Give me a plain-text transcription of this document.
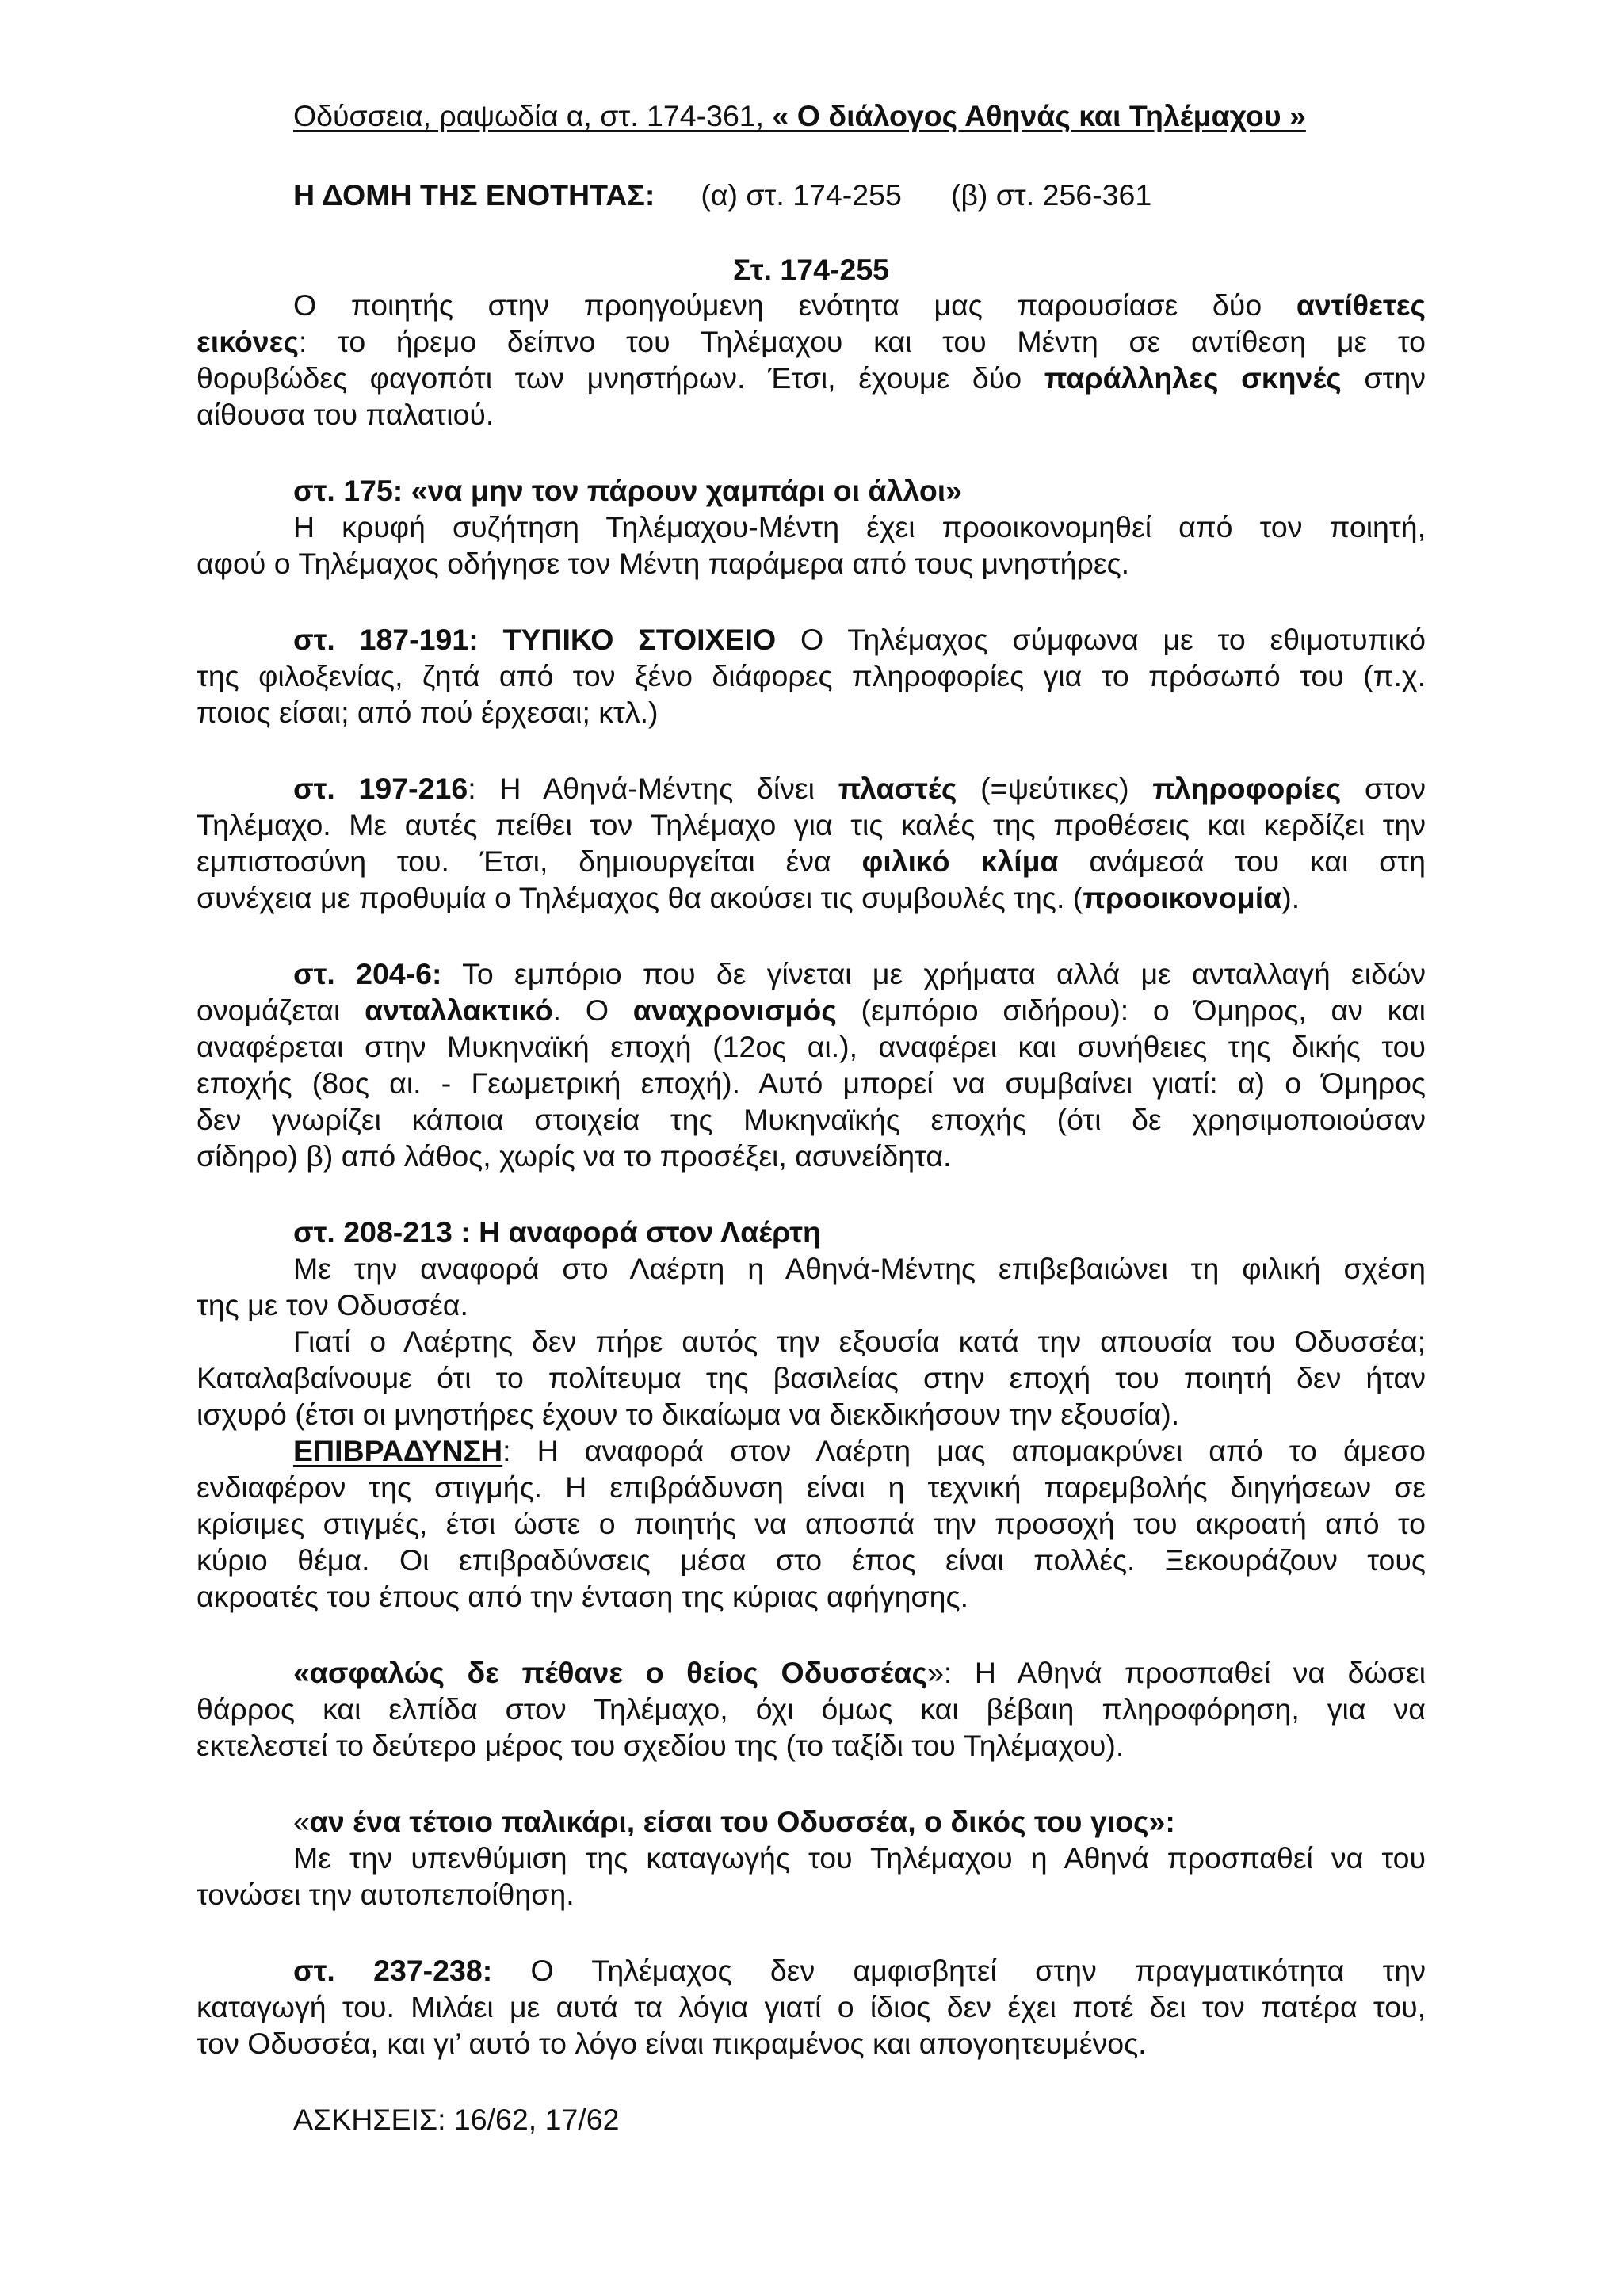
Οδύσσεια, ραψωδία α, στ. 174-361, « Ο διάλογος Αθηνάς και Τηλέμαχου »
Η ΔΟΜΗ ΤΗΣ ΕΝΟΤΗΤΑΣ: (α) στ. 174-255 (β) στ. 256-361
Στ. 174-255
Ο ποιητής στην προηγούμενη ενότητα μας παρουσίασε δύο αντίθετες
εικόνες: το ήρεμο δείπνο του Τηλέμαχου και του Μέντη σε αντίθεση με το
θορυβώδες φαγοπότι των μνηστήρων. Έτσι, έχουμε δύο παράλληλες σκηνές στην
αίθουσα του παλατιού.
στ. 175: «να μην τον πάρουν χαμπάρι οι άλλοι»
Η κρυφή συζήτηση Τηλέμαχου-Μέντη έχει προοικονομηθεί από τον ποιητή,
αφού ο Τηλέμαχος οδήγησε τον Μέντη παράμερα από τους μνηστήρες.
στ. 187-191: ΤΥΠΙΚΟ ΣΤΟΙΧΕΙΟ Ο Τηλέμαχος σύμφωνα με το εθιμοτυπικό
της φιλοξενίας, ζητά από τον ξένο διάφορες πληροφορίες για το πρόσωπό του (π.χ.
ποιος είσαι; από πού έρχεσαι; κτλ.)
στ. 197-216: Η Αθηνά-Μέντης δίνει πλαστές (=ψεύτικες) πληροφορίες στον
Τηλέμαχο. Με αυτές πείθει τον Τηλέμαχο για τις καλές της προθέσεις και κερδίζει την
εμπιστοσύνη του. Έτσι, δημιουργείται ένα φιλικό κλίμα ανάμεσά του και στη
συνέχεια με προθυμία ο Τηλέμαχος θα ακούσει τις συμβουλές της. (προοικονομία).
στ. 204-6: Το εμπόριο που δε γίνεται με χρήματα αλλά με ανταλλαγή ειδών
ονομάζεται ανταλλακτικό. Ο αναχρονισμός (εμπόριο σιδήρου): ο Όμηρος, αν και
αναφέρεται στην Μυκηναϊκή εποχή (12ος αι.), αναφέρει και συνήθειες της δικής του
εποχής (8ος αι. - Γεωμετρική εποχή). Αυτό μπορεί να συμβαίνει γιατί: α) ο Όμηρος
δεν γνωρίζει κάποια στοιχεία της Μυκηναϊκής εποχής (ότι δε χρησιμοποιούσαν
σίδηρο) β) από λάθος, χωρίς να το προσέξει, ασυνείδητα.
στ. 208-213 : Η αναφορά στον Λαέρτη
Με την αναφορά στο Λαέρτη η Αθηνά-Μέντης επιβεβαιώνει τη φιλική σχέση
της με τον Οδυσσέα.
Γιατί ο Λαέρτης δεν πήρε αυτός την εξουσία κατά την απουσία του Οδυσσέα;
Καταλαβαίνουμε ότι το πολίτευμα της βασιλείας στην εποχή του ποιητή δεν ήταν
ισχυρό (έτσι οι μνηστήρες έχουν το δικαίωμα να διεκδικήσουν την εξουσία).
ΕΠΙΒΡΑΔΥΝΣΗ: Η αναφορά στον Λαέρτη μας απομακρύνει από το άμεσο
ενδιαφέρον της στιγμής. Η επιβράδυνση είναι η τεχνική παρεμβολής διηγήσεων σε
κρίσιμες στιγμές, έτσι ώστε ο ποιητής να αποσπά την προσοχή του ακροατή από το
κύριο θέμα. Οι επιβραδύνσεις μέσα στο έπος είναι πολλές. Ξεκουράζουν τους
ακροατές του έπους από την ένταση της κύριας αφήγησης.
«ασφαλώς δε πέθανε ο θείος Οδυσσέας»: Η Αθηνά προσπαθεί να δώσει
θάρρος και ελπίδα στον Τηλέμαχο, όχι όμως και βέβαιη πληροφόρηση, για να
εκτελεστεί το δεύτερο μέρος του σχεδίου της (το ταξίδι του Τηλέμαχου).
«αν ένα τέτοιο παλικάρι, είσαι του Οδυσσέα, ο δικός του γιος»:
Με την υπενθύμιση της καταγωγής του Τηλέμαχου η Αθηνά προσπαθεί να του
τονώσει την αυτοπεποίθηση.
στ. 237-238: Ο Τηλέμαχος δεν αμφισβητεί στην πραγματικότητα την
καταγωγή του. Μιλάει με αυτά τα λόγια γιατί ο ίδιος δεν έχει ποτέ δει τον πατέρα του,
τον Οδυσσέα, και γι’ αυτό το λόγο είναι πικραμένος και απογοητευμένος.
ΑΣΚΗΣΕΙΣ: 16/62, 17/62
